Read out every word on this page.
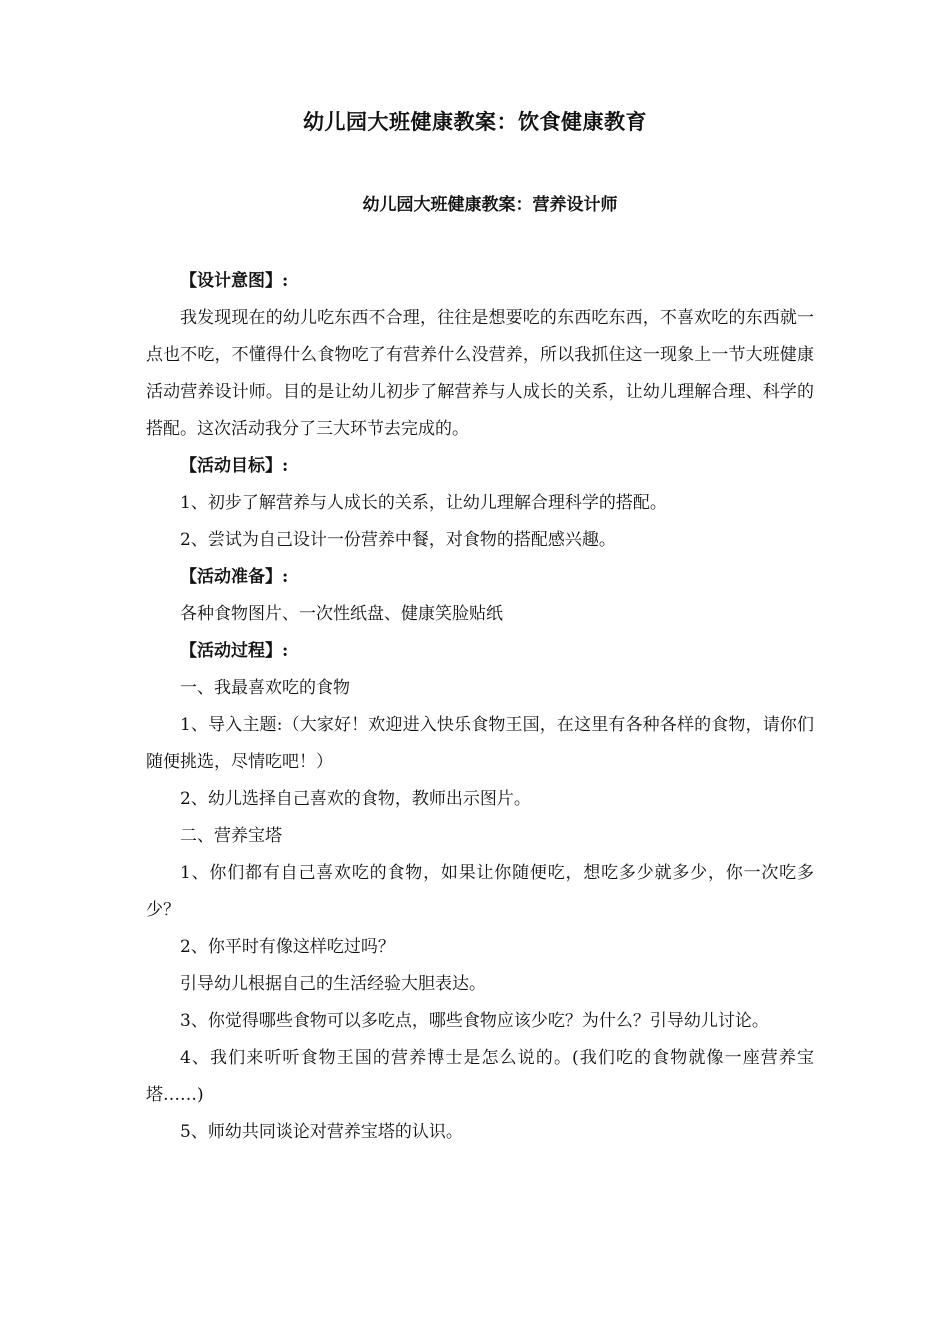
幼儿园大班健康教案：饮食健康教育
幼儿园大班健康教案：营养设计师

【设计意图】:

我发现现在的幼儿吃东西不合理，往往是想要吃的东西吃东西，不喜欢吃的东西就一点也不吃，不懂得什么食物吃了有营养什么没营养，所以我抓住这一现象上一节大班健康活动营养设计师。目的是让幼儿初步了解营养与人成长的关系，让幼儿理解合理、科学的搭配。这次活动我分了三大环节去完成的。

【活动目标】:

1、初步了解营养与人成长的关系，让幼儿理解合理科学的搭配。

2、尝试为自己设计一份营养中餐，对食物的搭配感兴趣。

【活动准备】:

各种食物图片、一次性纸盘、健康笑脸贴纸

【活动过程】:

一、我最喜欢吃的食物

1、导入主题:（大家好！欢迎进入快乐食物王国，在这里有各种各样的食物，请你们随便挑选，尽情吃吧！）

2、幼儿选择自己喜欢的食物，教师出示图片。

二、营养宝塔

1、你们都有自己喜欢吃的食物，如果让你随便吃，想吃多少就多少，你一次吃多少？

2、你平时有像这样吃过吗？

引导幼儿根据自己的生活经验大胆表达。

3、你觉得哪些食物可以多吃点，哪些食物应该少吃？为什么？引导幼儿讨论。

4、我们来听听食物王国的营养博士是怎么说的。(我们吃的食物就像一座营养宝塔……)

5、师幼共同谈论对营养宝塔的认识。
